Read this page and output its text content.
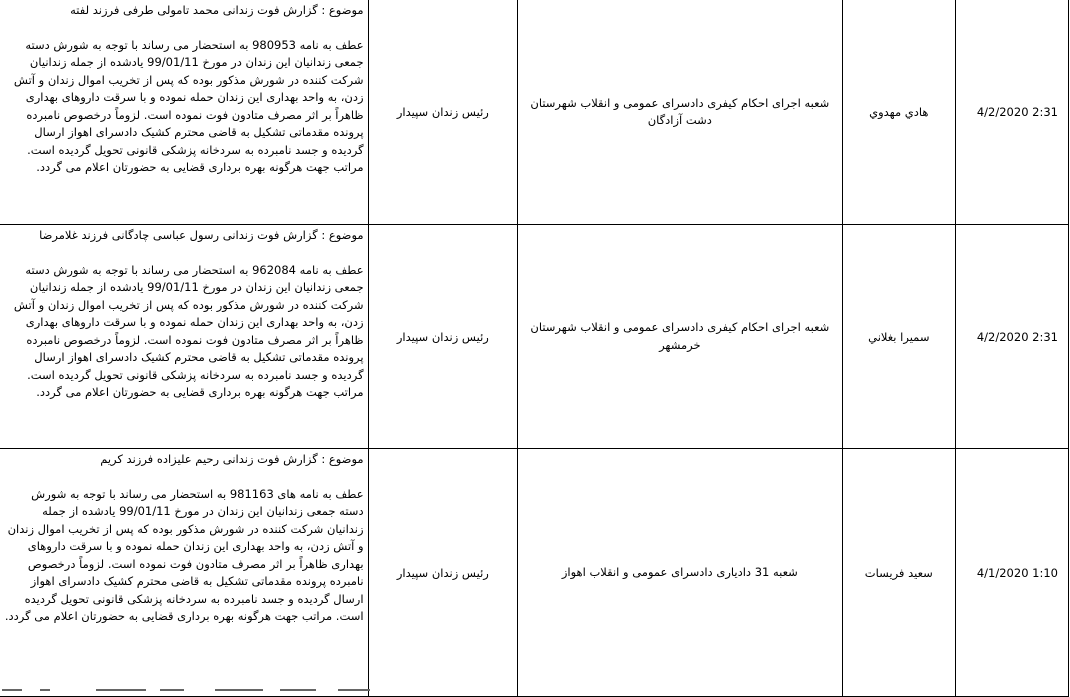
موضوع : گزارش فوت زندانی محمد تامولی طرفی فرزند لفته
عطف به نامه 980953 به استحضار می رساند با توجه به شورش دسته جمعی زندانیان این زندان در مورخ 99/01/11 یادشده از جمله زندانیان شرکت کننده در شورش مذکور بوده که پس از تخریب اموال زندان و آتش زدن، به واحد بهداری این زندان حمله نموده و با سرقت داروهای بهداری ظاهراً بر اثر مصرف متادون فوت نموده است. لزوماً درخصوص نامبرده پرونده مقدماتی تشکیل به قاضی محترم کشیک دادسرای اهواز ارسال گردیده و جسد نامبرده به سردخانه پزشکی قانونی تحویل گردیده است. مراتب جهت هرگونه بهره برداری قضایی به حضورتان اعلام می گردد.	رئیس زندان سپیدار	شعبه اجرای احکام کیفری دادسرای عمومی و انقلاب شهرستان دشت آزادگان	هادي مهدوي	4/2/2020 2:31

موضوع : گزارش فوت زندانی رسول عباسی چادگانی فرزند غلامرضا
عطف به نامه 962084 به استحضار می رساند با توجه به شورش دسته جمعی زندانیان این زندان در مورخ 99/01/11 یادشده از جمله زندانیان شرکت کننده در شورش مذکور بوده که پس از تخریب اموال زندان و آتش زدن، به واحد بهداری این زندان حمله نموده و با سرقت داروهای بهداری ظاهراً بر اثر مصرف متادون فوت نموده است. لزوماً درخصوص نامبرده پرونده مقدماتی تشکیل به قاضی محترم کشیک دادسرای اهواز ارسال گردیده و جسد نامبرده به سردخانه پزشکی قانونی تحویل گردیده است. مراتب جهت هرگونه بهره برداری قضایی به حضورتان اعلام می گردد.	رئیس زندان سپیدار	شعبه اجرای احکام کیفری دادسرای عمومی و انقلاب شهرستان خرمشهر	سميرا بغلاني	4/2/2020 2:31

موضوع : گزارش فوت زندانی رحیم علیزاده فرزند کریم
عطف به نامه های 981163 به استحضار می رساند با توجه به شورش دسته جمعی زندانیان این زندان در مورخ 99/01/11 یادشده از جمله زندانیان شرکت کننده در شورش مذکور بوده که پس از تخریب اموال زندان و آتش زدن، به واحد بهداری این زندان حمله نموده و با سرقت داروهای بهداری ظاهراً بر اثر مصرف متادون فوت نموده است. لزوماً درخصوص نامبرده پرونده مقدماتی تشکیل به قاضی محترم کشیک دادسرای اهواز ارسال گردیده و جسد نامبرده به سردخانه پزشکی قانونی تحویل گردیده است. مراتب جهت هرگونه بهره برداری قضایی به حضورتان اعلام می گردد.	رئیس زندان سپیدار	شعبه 31 دادیاری دادسرای عمومی و انقلاب اهواز	سعيد فريسات	4/1/2020 1:10
